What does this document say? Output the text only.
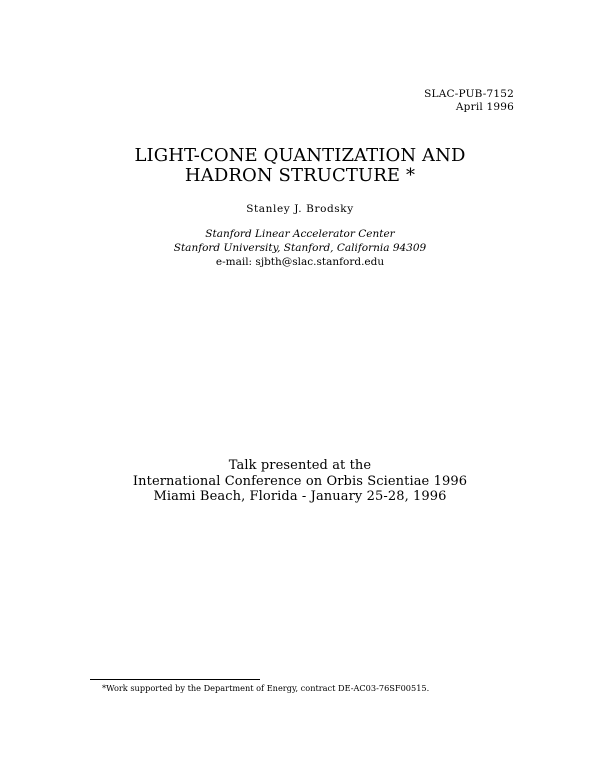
SLAC-PUB-7152
April 1996
LIGHT-CONE QUANTIZATION AND
HADRON STRUCTURE *
Stanley J. Brodsky
Stanford Linear Accelerator Center
Stanford University, Stanford, California 94309
e-mail: sjbth@slac.stanford.edu
Talk presented at the
International Conference on Orbis Scientiae 1996
Miami Beach, Florida - January 25-28, 1996
*Work supported by the Department of Energy, contract DE-AC03-76SF00515.
